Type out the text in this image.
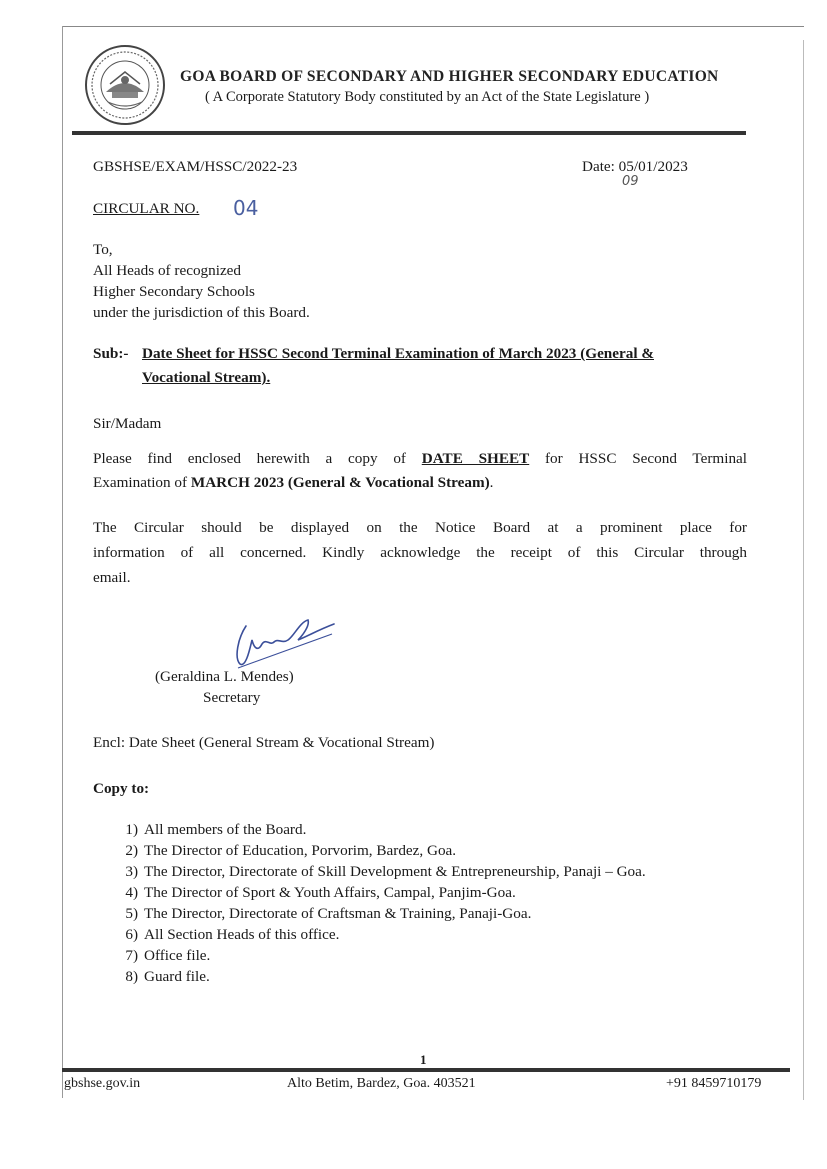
GOA BOARD OF SECONDARY AND HIGHER SECONDARY EDUCATION
( A Corporate Statutory Body constituted by an Act of the State Legislature )
GBSHSE/EXAM/HSSC/2022-23	Date: 05/01/2023
09
CIRCULAR NO. 04
To,
All Heads of recognized
Higher Secondary Schools
under the jurisdiction of this Board.
Sub:- Date Sheet for HSSC Second Terminal Examination of March 2023 (General &
Vocational Stream).
Sir/Madam
Please find enclosed herewith a copy of DATE SHEET for HSSC Second Terminal
Examination of MARCH 2023 (General & Vocational Stream).
The Circular should be displayed on the Notice Board at a prominent place for
information of all concerned. Kindly acknowledge the receipt of this Circular through
email.
(Geraldina L. Mendes)
Secretary
Encl: Date Sheet (General Stream & Vocational Stream)
Copy to:
1) All members of the Board.
2) The Director of Education, Porvorim, Bardez, Goa.
3) The Director, Directorate of Skill Development & Entrepreneurship, Panaji – Goa.
4) The Director of Sport & Youth Affairs, Campal, Panjim-Goa.
5) The Director, Directorate of Craftsman & Training, Panaji-Goa.
6) All Section Heads of this office.
7) Office file.
8) Guard file.
1
gbshse.gov.in	Alto Betim, Bardez, Goa. 403521	+91 8459710179
